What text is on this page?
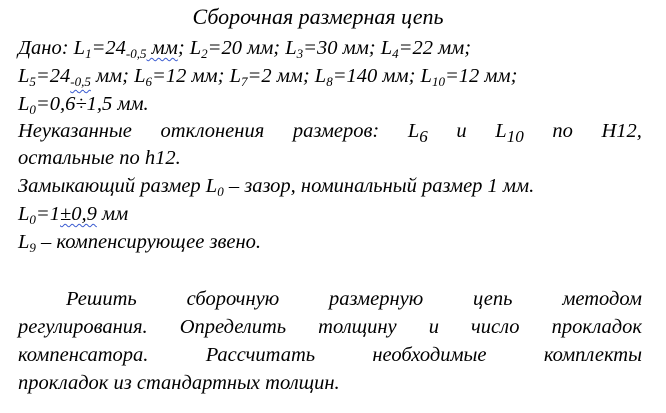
Сборочная размерная цепь
Дано: $L_1=24_{-0,5}$ мм; $L_2=20$ мм; $L_3=30$ мм; $L_4=22$ мм;
$L_5=24_{-0,5}$ мм; $L_6=12$ мм; $L_7=2$ мм; $L_8=140$ мм; $L_{10}=12$ мм;
$L_0=0,6\div 1,5$ мм.
Неуказанные отклонения размеров: $L_6$ и $L_{10}$ по Н12,
остальные по h12.
Замыкающий размер $L_0$ – зазор, номинальный размер 1 мм.
$L_0=1\pm 0,9$ мм
$L_9$ – компенсирующее звено.
Решить сборочную размерную цепь методом
регулирования. Определить толщину и число прокладок
компенсатора.	Рассчитать	необходимые	комплекты
прокладок из стандартных толщин.
